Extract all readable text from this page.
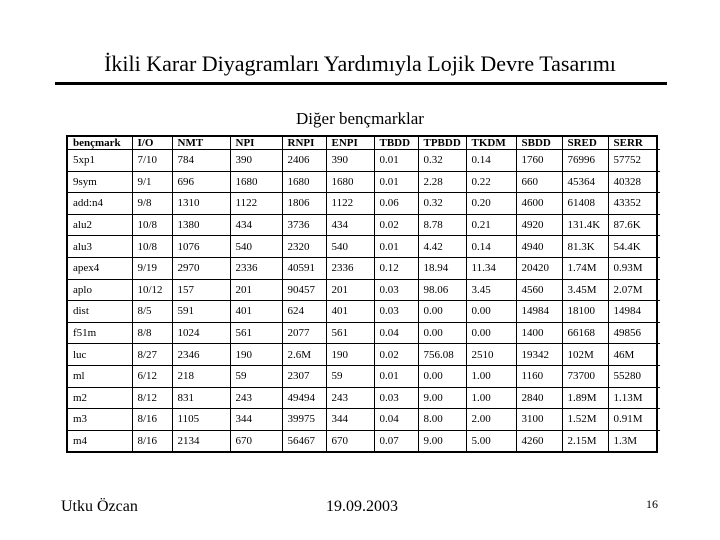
İkili Karar Diyagramları Yardımıyla Lojik Devre Tasarımı
Diğer bençmarklar
bençmark	I/O	NMT	NPI	RNPI	ENPI	TBDD	TPBDD	TKDM	SBDD	SRED	SERR
5xp1	7/10	784	390	2406	390	0.01	0.32	0.14	1760	76996	57752
9sym	9/1	696	1680	1680	1680	0.01	2.28	0.22	660	45364	40328
add:n4	9/8	1310	1122	1806	1122	0.06	0.32	0.20	4600	61408	43352
alu2	10/8	1380	434	3736	434	0.02	8.78	0.21	4920	131.4K	87.6K
alu3	10/8	1076	540	2320	540	0.01	4.42	0.14	4940	81.3K	54.4K
apex4	9/19	2970	2336	40591	2336	0.12	18.94	11.34	20420	1.74M	0.93M
aplo	10/12	157	201	90457	201	0.03	98.06	3.45	4560	3.45M	2.07M
dist	8/5	591	401	624	401	0.03	0.00	0.00	14984	18100	14984
f51m	8/8	1024	561	2077	561	0.04	0.00	0.00	1400	66168	49856
luc	8/27	2346	190	2.6M	190	0.02	756.08	2510	19342	102M	46M
ml	6/12	218	59	2307	59	0.01	0.00	1.00	1160	73700	55280
m2	8/12	831	243	49494	243	0.03	9.00	1.00	2840	1.89M	1.13M
m3	8/16	1105	344	39975	344	0.04	8.00	2.00	3100	1.52M	0.91M
m4	8/16	2134	670	56467	670	0.07	9.00	5.00	4260	2.15M	1.3M
Utku Özcan	19.09.2003	16
